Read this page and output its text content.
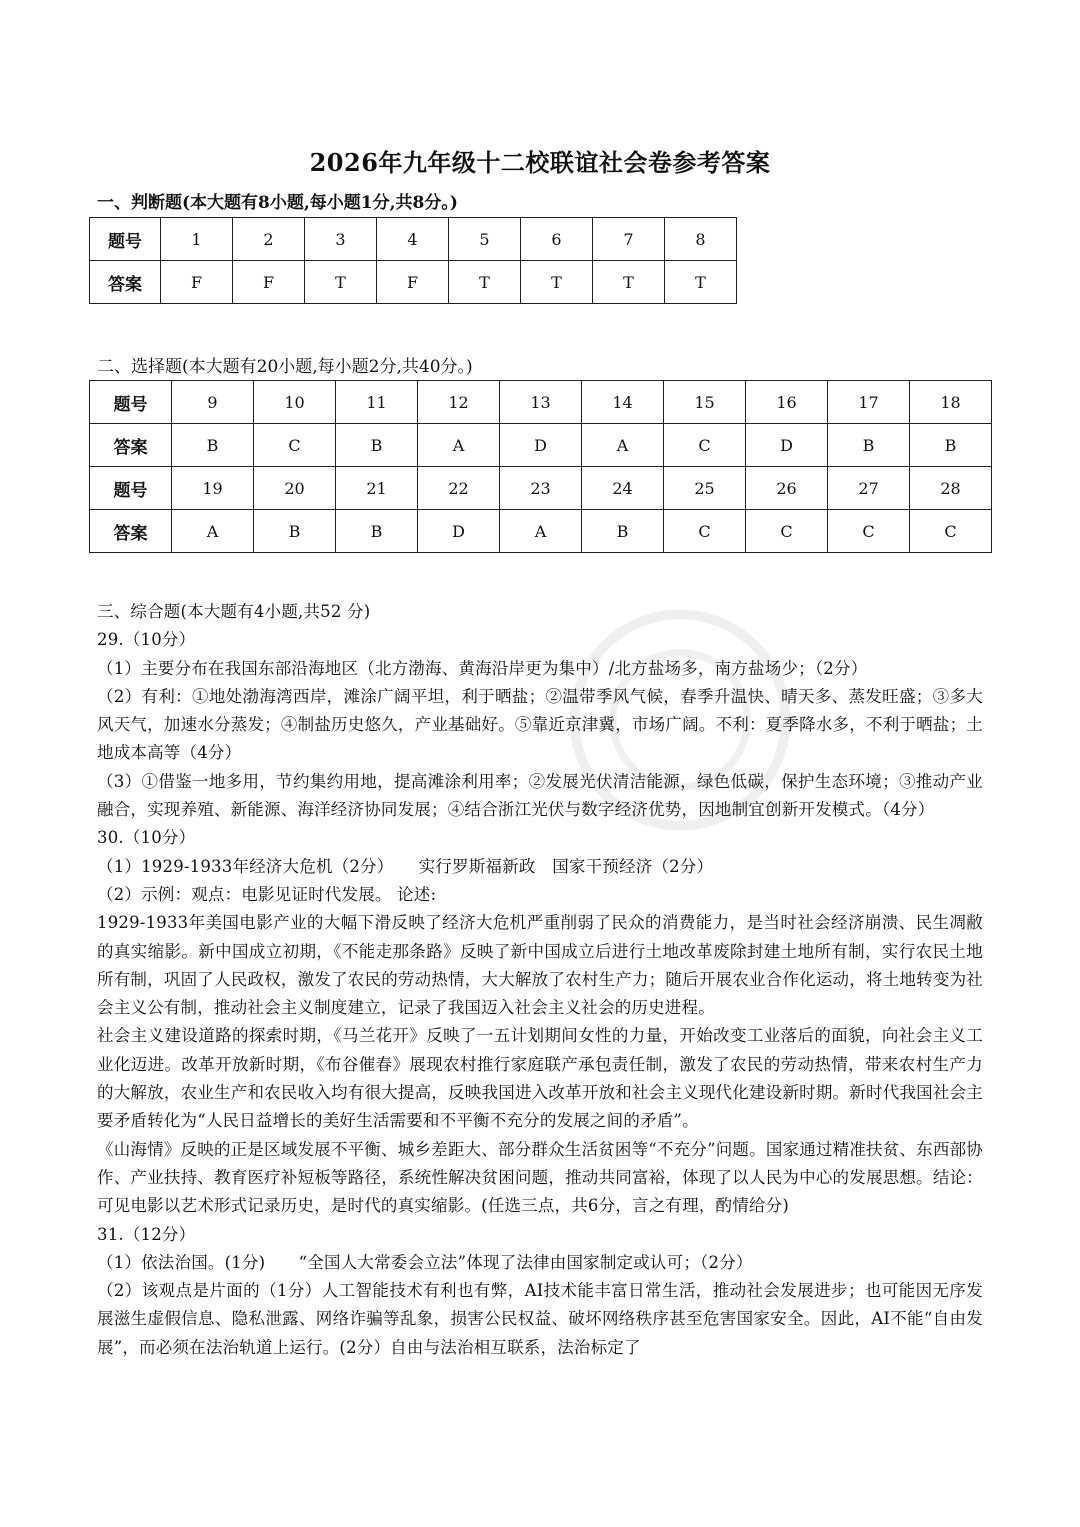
2026年九年级十二校联谊社会卷参考答案
一、判断题(本大题有8小题,每小题1分,共8分。)
题号	1	2	3	4	5	6	7	8
答案	F	F	T	F	T	T	T	T
二、选择题(本大题有20小题,每小题2分,共40分。)
题号	9	10	11	12	13	14	15	16	17	18
答案	B	C	B	A	D	A	C	D	B	B
题号	19	20	21	22	23	24	25	26	27	28
答案	A	B	B	D	A	B	C	C	C	C

三、综合题(本大题有4小题,共52 分)

29.（10分）

（1）主要分布在我国东部沿海地区（北方渤海、黄海沿岸更为集中）/北方盐场多，南方盐场少；（2分）

（2）有利：①地处渤海湾西岸，滩涂广阔平坦，利于晒盐；②温带季风气候，春季升温快、晴天多、蒸发旺盛；③多大风天气，加速水分蒸发；④制盐历史悠久，产业基础好。⑤靠近京津冀，市场广阔。不利：夏季降水多，不利于晒盐；土地成本高等（4分）

（3）①借鉴一地多用，节约集约用地，提高滩涂利用率；②发展光伏清洁能源，绿色低碳，保护生态环境；③推动产业融合，实现养殖、新能源、海洋经济协同发展；④结合浙江光伏与数字经济优势，因地制宜创新开发模式。（4分）

30.（10分）

（1）1929-1933年经济大危机（2分）　　实行罗斯福新政　国家干预经济（2分）

（2）示例：观点：电影见证时代发展。 论述:

1929-1933年美国电影产业的大幅下滑反映了经济大危机严重削弱了民众的消费能力，是当时社会经济崩溃、民生凋敝的真实缩影。新中国成立初期，《不能走那条路》反映了新中国成立后进行土地改革废除封建土地所有制，实行农民土地所有制，巩固了人民政权，激发了农民的劳动热情，大大解放了农村生产力；随后开展农业合作化运动，将土地转变为社会主义公有制，推动社会主义制度建立，记录了我国迈入社会主义社会的历史进程。

社会主义建设道路的探索时期，《马兰花开》反映了一五计划期间女性的力量，开始改变工业落后的面貌，向社会主义工业化迈进。改革开放新时期，《布谷催春》展现农村推行家庭联产承包责任制，激发了农民的劳动热情，带来农村生产力的大解放，农业生产和农民收入均有很大提高，反映我国进入改革开放和社会主义现代化建设新时期。新时代我国社会主要矛盾转化为“人民日益增长的美好生活需要和不平衡不充分的发展之间的矛盾”。

《山海情》反映的正是区域发展不平衡、城乡差距大、部分群众生活贫困等“不充分”问题。国家通过精准扶贫、东西部协作、产业扶持、教育医疗补短板等路径，系统性解决贫困问题，推动共同富裕，体现了以人民为中心的发展思想。结论：可见电影以艺术形式记录历史，是时代的真实缩影。(任选三点，共6分，言之有理，酌情给分)

31.（12分）

（1）依法治国。(1分)　　“全国人大常委会立法”体现了法律由国家制定或认可；（2分）

（2）该观点是片面的（1分）人工智能技术有利也有弊，AI技术能丰富日常生活，推动社会发展进步；也可能因无序发展滋生虚假信息、隐私泄露、网络诈骗等乱象，损害公民权益、破坏网络秩序甚至危害国家安全。因此，AI不能“自由发展”，而必须在法治轨道上运行。(2分）自由与法治相互联系，法治标定了
